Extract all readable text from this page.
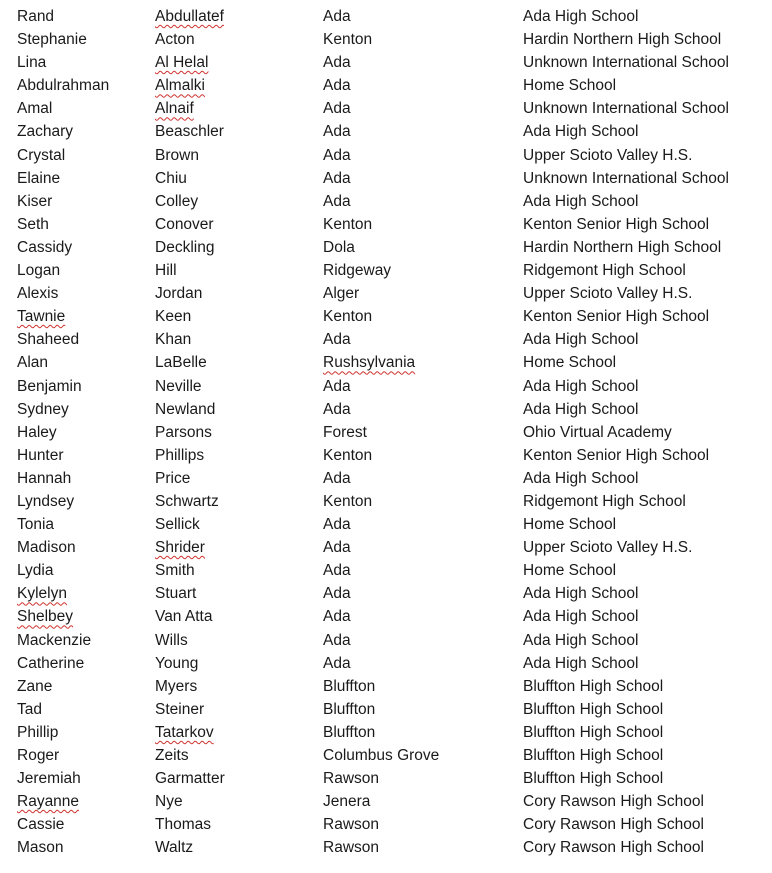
Rand	Abdullatef	Ada	Ada High School
Stephanie	Acton	Kenton	Hardin Northern High School
Lina	Al Helal	Ada	Unknown International School
Abdulrahman	Almalki	Ada	Home School
Amal	Alnaif	Ada	Unknown International School
Zachary	Beaschler	Ada	Ada High School
Crystal	Brown	Ada	Upper Scioto Valley H.S.
Elaine	Chiu	Ada	Unknown International School
Kiser	Colley	Ada	Ada High School
Seth	Conover	Kenton	Kenton Senior High School
Cassidy	Deckling	Dola	Hardin Northern High School
Logan	Hill	Ridgeway	Ridgemont High School
Alexis	Jordan	Alger	Upper Scioto Valley H.S.
Tawnie	Keen	Kenton	Kenton Senior High School
Shaheed	Khan	Ada	Ada High School
Alan	LaBelle	Rushsylvania	Home School
Benjamin	Neville	Ada	Ada High School
Sydney	Newland	Ada	Ada High School
Haley	Parsons	Forest	Ohio Virtual Academy
Hunter	Phillips	Kenton	Kenton Senior High School
Hannah	Price	Ada	Ada High School
Lyndsey	Schwartz	Kenton	Ridgemont High School
Tonia	Sellick	Ada	Home School
Madison	Shrider	Ada	Upper Scioto Valley H.S.
Lydia	Smith	Ada	Home School
Kylelyn	Stuart	Ada	Ada High School
Shelbey	Van Atta	Ada	Ada High School
Mackenzie	Wills	Ada	Ada High School
Catherine	Young	Ada	Ada High School
Zane	Myers	Bluffton	Bluffton High School
Tad	Steiner	Bluffton	Bluffton High School
Phillip	Tatarkov	Bluffton	Bluffton High School
Roger	Zeits	Columbus Grove	Bluffton High School
Jeremiah	Garmatter	Rawson	Bluffton High School
Rayanne	Nye	Jenera	Cory Rawson High School
Cassie	Thomas	Rawson	Cory Rawson High School
Mason	Waltz	Rawson	Cory Rawson High School
